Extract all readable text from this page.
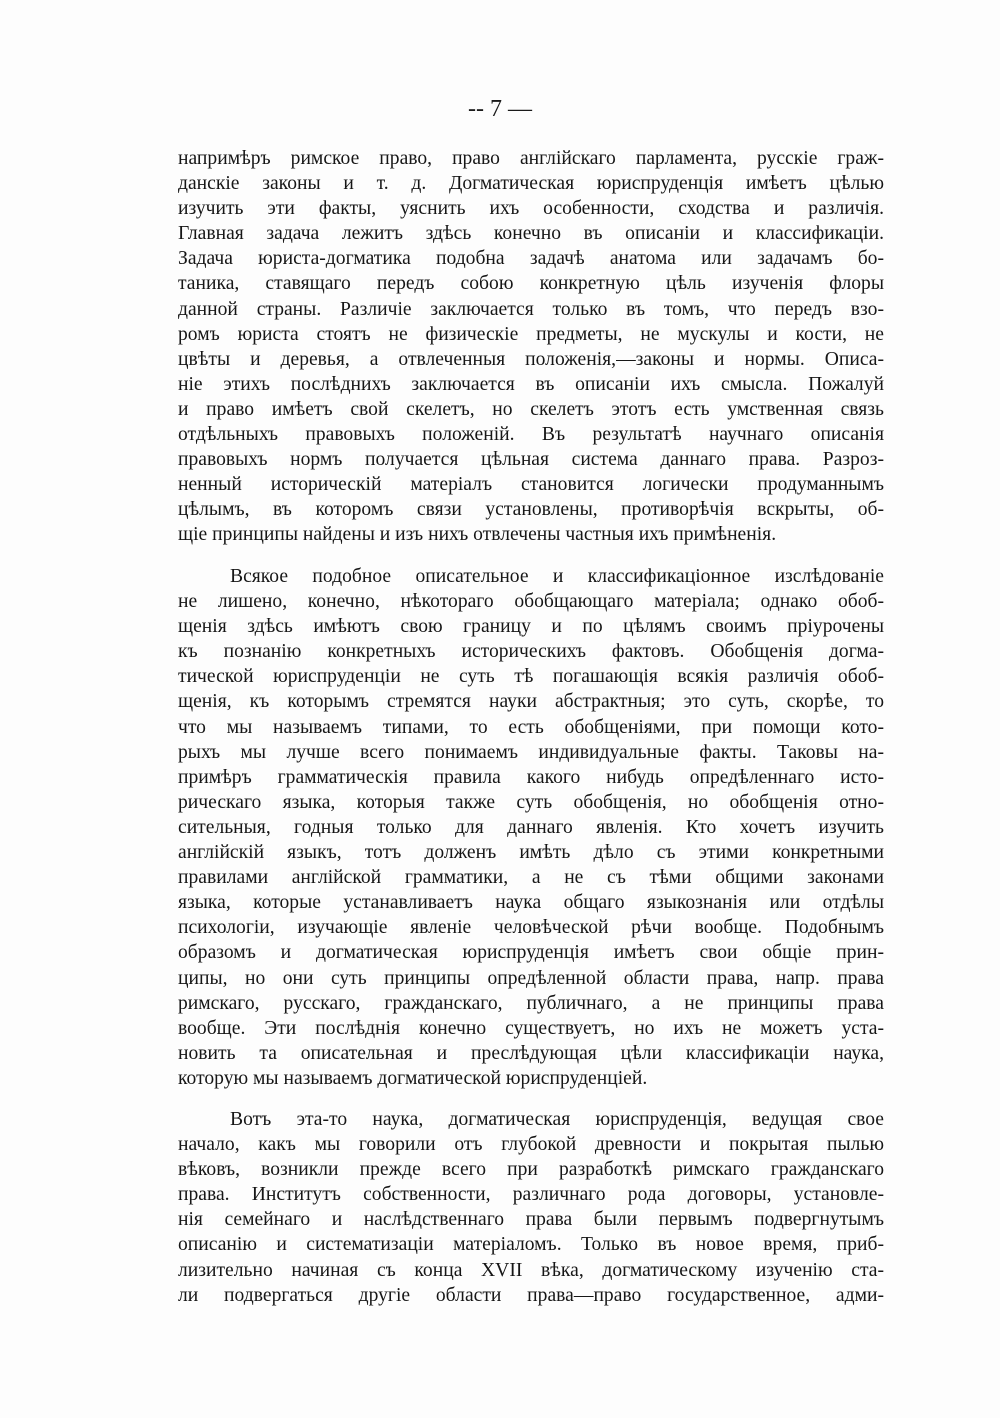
-- 7 —
напримѣръ римское право, право англійскаго парламента, русскіе граж-
данскіе законы и т. д. Догматическая юриспруденція имѣетъ цѣлью
изучить эти факты, уяснить ихъ особенности, сходства и различія.
Главная задача лежитъ здѣсь конечно въ описаніи и классификаціи.
Задача юриста-догматика подобна задачѣ анатома или задачамъ бо-
таника, ставящаго передъ собою конкретную цѣль изученія флоры
данной страны. Различіе заключается только въ томъ, что передъ взо-
ромъ юриста стоятъ не физическіе предметы, не мускулы и кости, не
цвѣты и деревья, а отвлеченныя положенія,—законы и нормы. Описа-
ніе этихъ послѣднихъ заключается въ описаніи ихъ смысла. Пожалуй
и право имѣетъ свой скелетъ, но скелетъ этотъ есть умственная связь
отдѣльныхъ правовыхъ положеній. Въ результатѣ научнаго описанія
правовыхъ нормъ получается цѣльная система даннаго права. Разроз-
ненный историческій матеріалъ становится логически продуманнымъ
цѣлымъ, въ которомъ связи установлены, противорѣчія вскрыты, об-
щіе принципы найдены и изъ нихъ отвлечены частныя ихъ примѣненія.
Всякое подобное описательное и классификаціонное изслѣдованіе
не лишено, конечно, нѣкотораго обобщающаго матеріала; однако обоб-
щенія здѣсь имѣютъ свою границу и по цѣлямъ своимъ пріурочены
къ познанію конкретныхъ историческихъ фактовъ. Обобщенія догма-
тической юриспруденціи не суть тѣ погашающія всякія различія обоб-
щенія, къ которымъ стремятся науки абстрактныя; это суть, скорѣе, то
что мы называемъ типами, то есть обобщеніями, при помощи кото-
рыхъ мы лучше всего понимаемъ индивидуальные факты. Таковы на-
примѣръ грамматическія правила какого нибудь опредѣленнаго исто-
рическаго языка, которыя также суть обобщенія, но обобщенія отно-
сительныя, годныя только для даннаго явленія. Кто хочетъ изучить
англійскій языкъ, тотъ долженъ имѣть дѣло съ этими конкретными
правилами англійской грамматики, а не съ тѣми общими законами
языка, которые устанавливаетъ наука общаго языкознанія или отдѣлы
психологіи, изучающіе явленіе человѣческой рѣчи вообще. Подобнымъ
образомъ и догматическая юриспруденція имѣетъ свои общіе прин-
ципы, но они суть принципы опредѣленной области права, напр. права
римскаго, русскаго, гражданскаго, публичнаго, а не принципы права
вообще. Эти послѣднія конечно существуетъ, но ихъ не можетъ уста-
новить та описательная и преслѣдующая цѣли классификаціи наука,
которую мы называемъ догматической юриспруденціей.
Вотъ эта-то наука, догматическая юриспруденція, ведущая свое
начало, какъ мы говорили отъ глубокой древности и покрытая пылью
вѣковъ, возникли прежде всего при разработкѣ римскаго гражданскаго
права. Институтъ собственности, различнаго рода договоры, установле-
нія семейнаго и наслѣдственнаго права были первымъ подвергнутымъ
описанію и систематизаціи матеріаломъ. Только въ новое время, приб-
лизительно начиная съ конца XVII вѣка, догматическому изученію ста-
ли подвергаться другіе области права—право государственное, адми-
